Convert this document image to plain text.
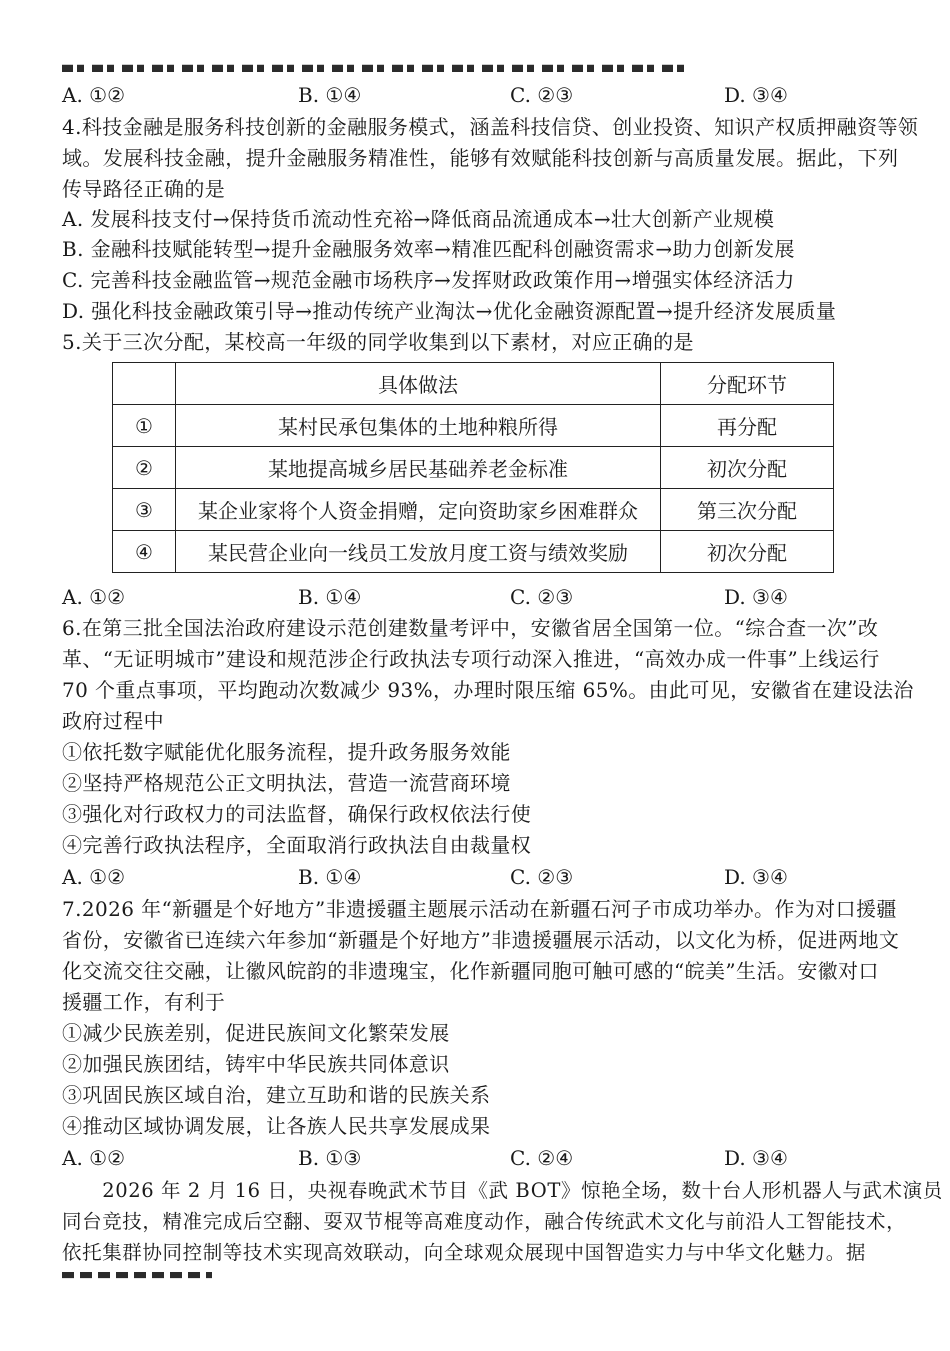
A. ①②	B. ①④	C. ②③	D. ③④
4.科技金融是服务科技创新的金融服务模式，涵盖科技信贷、创业投资、知识产权质押融资等领
域。发展科技金融，提升金融服务精准性，能够有效赋能科技创新与高质量发展。据此，下列
传导路径正确的是
A. 发展科技支付→保持货币流动性充裕→降低商品流通成本→壮大创新产业规模
B. 金融科技赋能转型→提升金融服务效率→精准匹配科创融资需求→助力创新发展
C. 完善科技金融监管→规范金融市场秩序→发挥财政政策作用→增强实体经济活力
D. 强化科技金融政策引导→推动传统产业淘汰→优化金融资源配置→提升经济发展质量
5.关于三次分配，某校高一年级的同学收集到以下素材，对应正确的是
	具体做法	分配环节
①	某村民承包集体的土地种粮所得	再分配
②	某地提高城乡居民基础养老金标准	初次分配
③	某企业家将个人资金捐赠，定向资助家乡困难群众	第三次分配
④	某民营企业向一线员工发放月度工资与绩效奖励	初次分配
A. ①②	B. ①④	C. ②③	D. ③④
6.在第三批全国法治政府建设示范创建数量考评中，安徽省居全国第一位。“综合查一次”改
革、“无证明城市”建设和规范涉企行政执法专项行动深入推进，“高效办成一件事”上线运行
70 个重点事项，平均跑动次数减少 93%，办理时限压缩 65%。由此可见，安徽省在建设法治
政府过程中
①依托数字赋能优化服务流程，提升政务服务效能
②坚持严格规范公正文明执法，营造一流营商环境
③强化对行政权力的司法监督，确保行政权依法行使
④完善行政执法程序，全面取消行政执法自由裁量权
A. ①②	B. ①④	C. ②③	D. ③④
7.2026 年“新疆是个好地方”非遗援疆主题展示活动在新疆石河子市成功举办。作为对口援疆
省份，安徽省已连续六年参加“新疆是个好地方”非遗援疆展示活动，以文化为桥，促进两地文
化交流交往交融，让徽风皖韵的非遗瑰宝，化作新疆同胞可触可感的“皖美”生活。安徽对口
援疆工作，有利于
①减少民族差别，促进民族间文化繁荣发展
②加强民族团结，铸牢中华民族共同体意识
③巩固民族区域自治，建立互助和谐的民族关系
④推动区域协调发展，让各族人民共享发展成果
A. ①②	B. ①③	C. ②④	D. ③④
　　2026 年 2 月 16 日，央视春晚武术节目《武 BOT》惊艳全场，数十台人形机器人与武术演员
同台竞技，精准完成后空翻、耍双节棍等高难度动作，融合传统武术文化与前沿人工智能技术，
依托集群协同控制等技术实现高效联动，向全球观众展现中国智造实力与中华文化魅力。据
